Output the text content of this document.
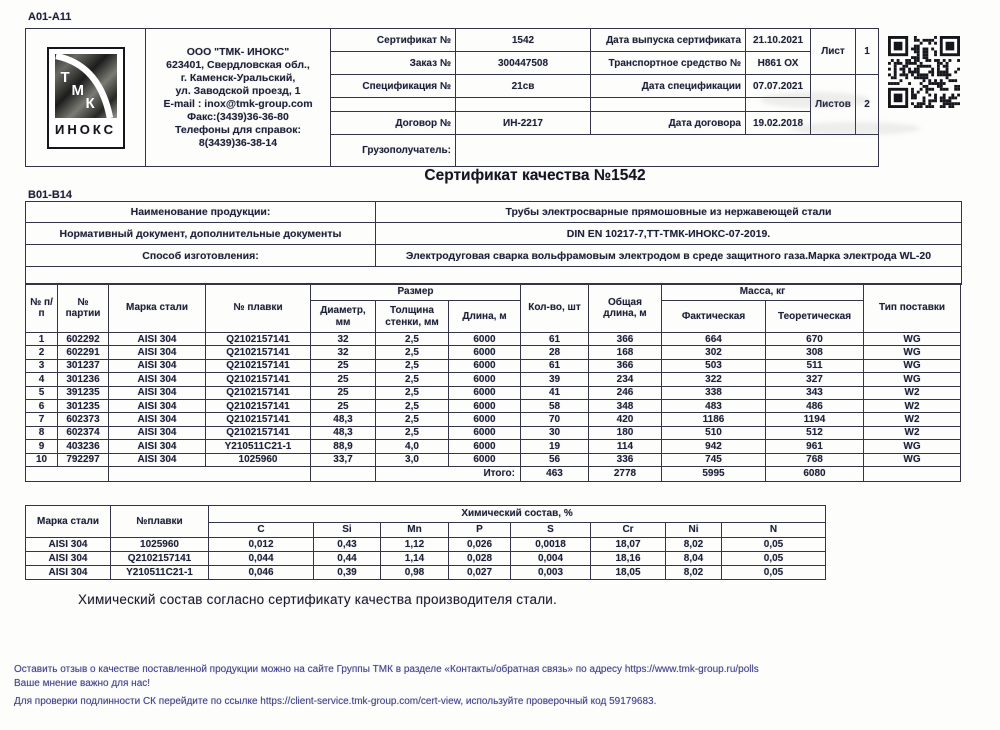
А01-А11
Т
М
К
ИНОКС
ООО "ТМК- ИНОКС"
623401, Свердловская обл.,
г. Каменск-Уральский,
ул. Заводской проезд, 1
E-mail : inox@tmk-group.com
Факс:(3439)36-36-80
Телефоны для справок:
8(3439)36-38-14
Сертификат №	1542	Дата выпуска сертификата	21.10.2021
Заказ №	300447508	Транспортное средство №	Н861 ОХ
Спецификация №	21св	Дата спецификации	07.07.2021
Договор №	ИН-2217	Дата договора	19.02.2018
Лист	1
Листов	2
Грузополучатель:
Сертификат качества №1542
В01-В14
Наименование продукции:	Трубы электросварные прямошовные из нержавеющей стали
Нормативный документ, дополнительные документы	DIN EN 10217-7,ТТ-ТМК-ИНОКС-07-2019.
Способ изготовления:	Электродуговая сварка вольфрамовым электродом в среде защитного газа.Марка электрода WL-20
№ п/п	№ партии	Марка стали	№ плавки	Размер			Кол-во, шт	Общая длина, м	Масса, кг		Тип поставки
				Диаметр, мм	Толщина стенки, мм	Длина, м			Фактическая	Теоретическая	
1	602292	AISI 304	Q2102157141	32	2,5	6000	61	366	664	670	WG
2	602291	AISI 304	Q2102157141	32	2,5	6000	28	168	302	308	WG
3	301237	AISI 304	Q2102157141	25	2,5	6000	61	366	503	511	WG
4	301236	AISI 304	Q2102157141	25	2,5	6000	39	234	322	327	WG
5	391235	AISI 304	Q2102157141	25	2,5	6000	41	246	338	343	W2
6	301235	AISI 304	Q2102157141	25	2,5	6000	58	348	483	486	W2
7	602373	AISI 304	Q2102157141	48,3	2,5	6000	70	420	1186	1194	W2
8	602374	AISI 304	Q2102157141	48,3	2,5	6000	30	180	510	512	W2
9	403236	AISI 304	Y210511C21-1	88,9	4,0	6000	19	114	942	961	WG
10	792297	AISI 304	1025960	33,7	3,0	6000	56	336	745	768	WG
					Итого:		463	2778	5995	6080	
Марка стали	№плавки	Химический состав, %							
		C	Si	Mn	P	S	Cr	Ni	N
AISI 304	1025960	0,012	0,43	1,12	0,026	0,0018	18,07	8,02	0,05
AISI 304	Q2102157141	0,044	0,44	1,14	0,028	0,004	18,16	8,04	0,05
AISI 304	Y210511C21-1	0,046	0,39	0,98	0,027	0,003	18,05	8,02	0,05
Химический состав согласно сертификату качества производителя стали.
Оставить отзыв о качестве поставленной продукции можно на сайте Группы ТМК в разделе «Контакты/обратная связь» по адресу https://www.tmk-group.ru/polls
Ваше мнение важно для нас!
Для проверки подлинности СК перейдите по ссылке https://client-service.tmk-group.com/cert-view, используйте проверочный код 59179683.
